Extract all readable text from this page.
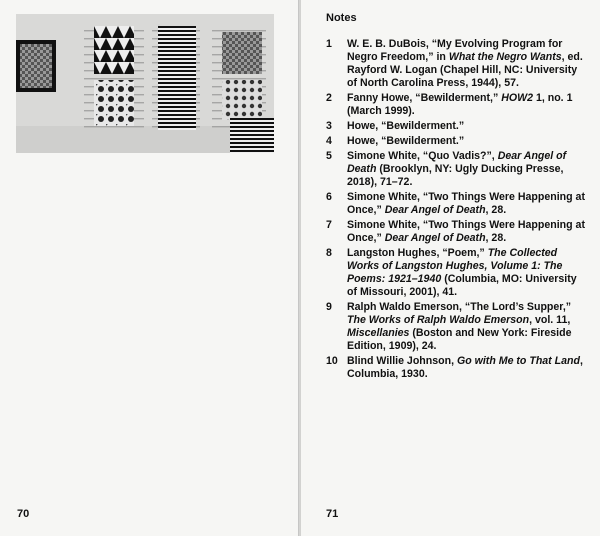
70
Notes
1	W. E. B. DuBois, “My Evolving Program for Negro Freedom,” in What the Negro Wants, ed. Rayford W. Logan (Chapel Hill, NC: University of North Carolina Press, 1944), 57.
2	Fanny Howe, “Bewilderment,” HOW2 1, no. 1 (March 1999).
3	Howe, “Bewilderment.”
4	Howe, “Bewilderment.”
5	Simone White, “Quo Vadis?”, Dear Angel of Death (Brooklyn, NY: Ugly Ducking Presse, 2018), 71–72.
6	Simone White, “Two Things Were Happening at Once,” Dear Angel of Death, 28.
7	Simone White, “Two Things Were Happening at Once,” Dear Angel of Death, 28.
8	Langston Hughes, “Poem,” The Collected Works of Langston Hughes, Volume 1: The Poems: 1921–1940 (Columbia, MO: University of Missouri, 2001), 41.
9	Ralph Waldo Emerson, “The Lord’s Supper,” The Works of Ralph Waldo Emerson, vol. 11, Miscellanies (Boston and New York: Fireside Edition, 1909), 24.
10 Blind Willie Johnson, Go with Me to That Land, Columbia, 1930.
71
